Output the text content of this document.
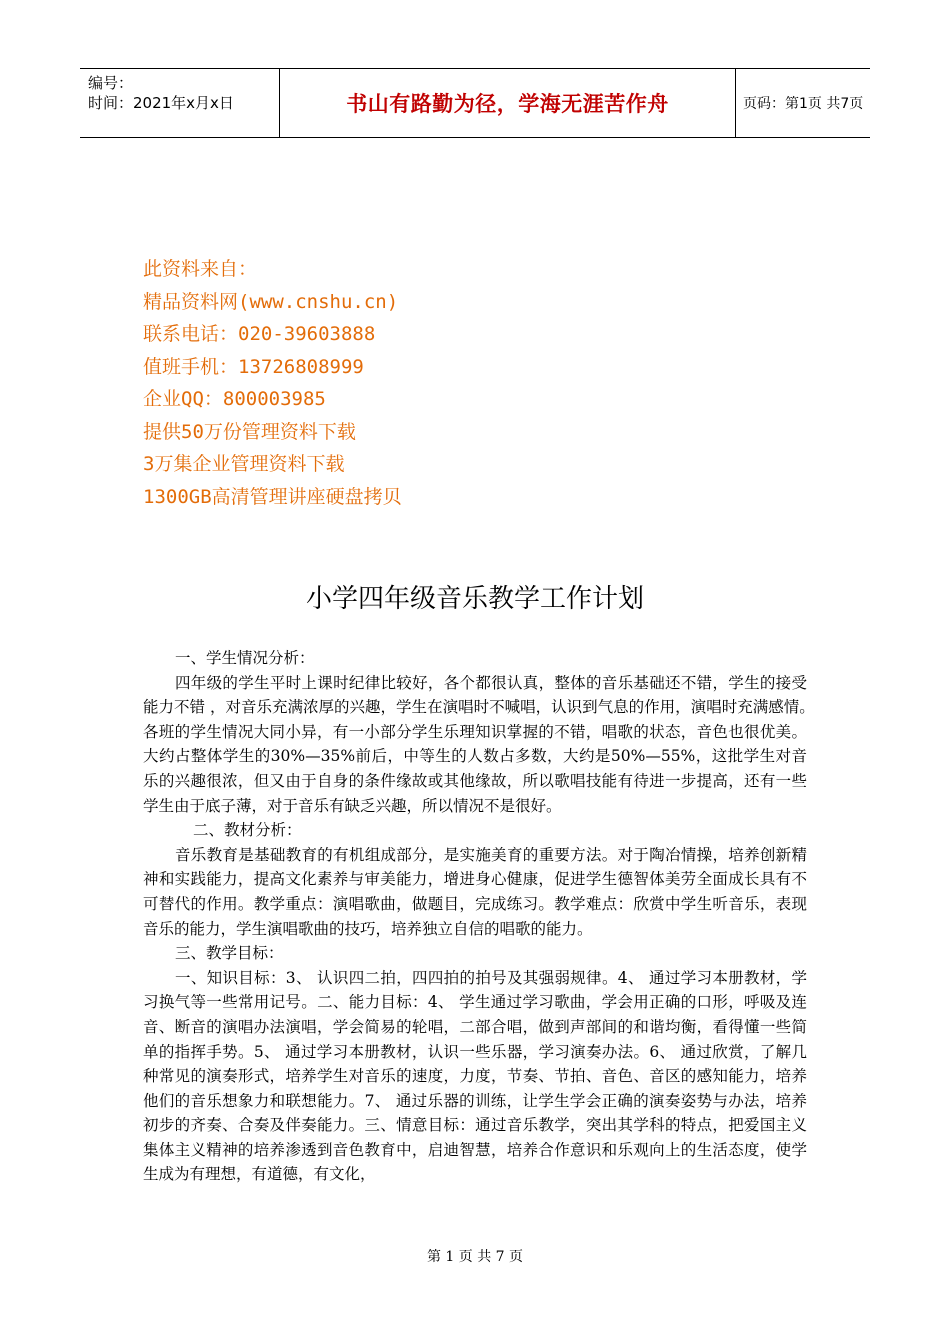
编号：
时间：2021年x月x日	书山有路勤为径，学海无涯苦作舟	页码：第1页 共7页
此资料来自：
精品资料网(www.cnshu.cn)
联系电话：020-39603888
值班手机：13726808999
企业QQ：800003985
提供50万份管理资料下载
3万集企业管理资料下载
1300GB高清管理讲座硬盘拷贝
小学四年级音乐教学工作计划

一、学生情况分析：

四年级的学生平时上课时纪律比较好，各个都很认真，整体的音乐基础还不错，学生的接受能力不错 ，对音乐充满浓厚的兴趣，学生在演唱时不喊唱，认识到气息的作用，演唱时充满感情。　　各班的学生情况大同小异，有一小部分学生乐理知识掌握的不错，唱歌的状态，音色也很优美。大约占整体学生的30%—35%前后，中等生的人数占多数，大约是50%—55%，这批学生对音乐的兴趣很浓，但又由于自身的条件缘故或其他缘故，所以歌唱技能有待进一步提高，还有一些学生由于底子薄，对于音乐有缺乏兴趣，所以情况不是很好。

二、教材分析：

音乐教育是基础教育的有机组成部分，是实施美育的重要方法。对于陶冶情操，培养创新精神和实践能力，提高文化素养与审美能力，增进身心健康，促进学生德智体美劳全面成长具有不可替代的作用。教学重点：演唱歌曲，做题目，完成练习。教学难点：欣赏中学生听音乐，表现音乐的能力，学生演唱歌曲的技巧，培养独立自信的唱歌的能力。

三、教学目标：

一、知识目标：3、 认识四二拍，四四拍的拍号及其强弱规律。4、 通过学习本册教材，学习换气等一些常用记号。二、能力目标：4、 学生通过学习歌曲，学会用正确的口形，呼吸及连音、断音的演唱办法演唱，学会简易的轮唱，二部合唱，做到声部间的和谐均衡，看得懂一些简单的指挥手势。5、 通过学习本册教材，认识一些乐器，学习演奏办法。6、 通过欣赏，了解几种常见的演奏形式，培养学生对音乐的速度，力度，节奏、节拍、音色、音区的感知能力，培养他们的音乐想象力和联想能力。7、 通过乐器的训练，让学生学会正确的演奏姿势与办法，培养初步的齐奏、合奏及伴奏能力。三、情意目标：通过音乐教学，突出其学科的特点，把爱国主义集体主义精神的培养渗透到音色教育中，启迪智慧，培养合作意识和乐观向上的生活态度，使学生成为有理想，有道德，有文化，

第 1 页 共 7 页
